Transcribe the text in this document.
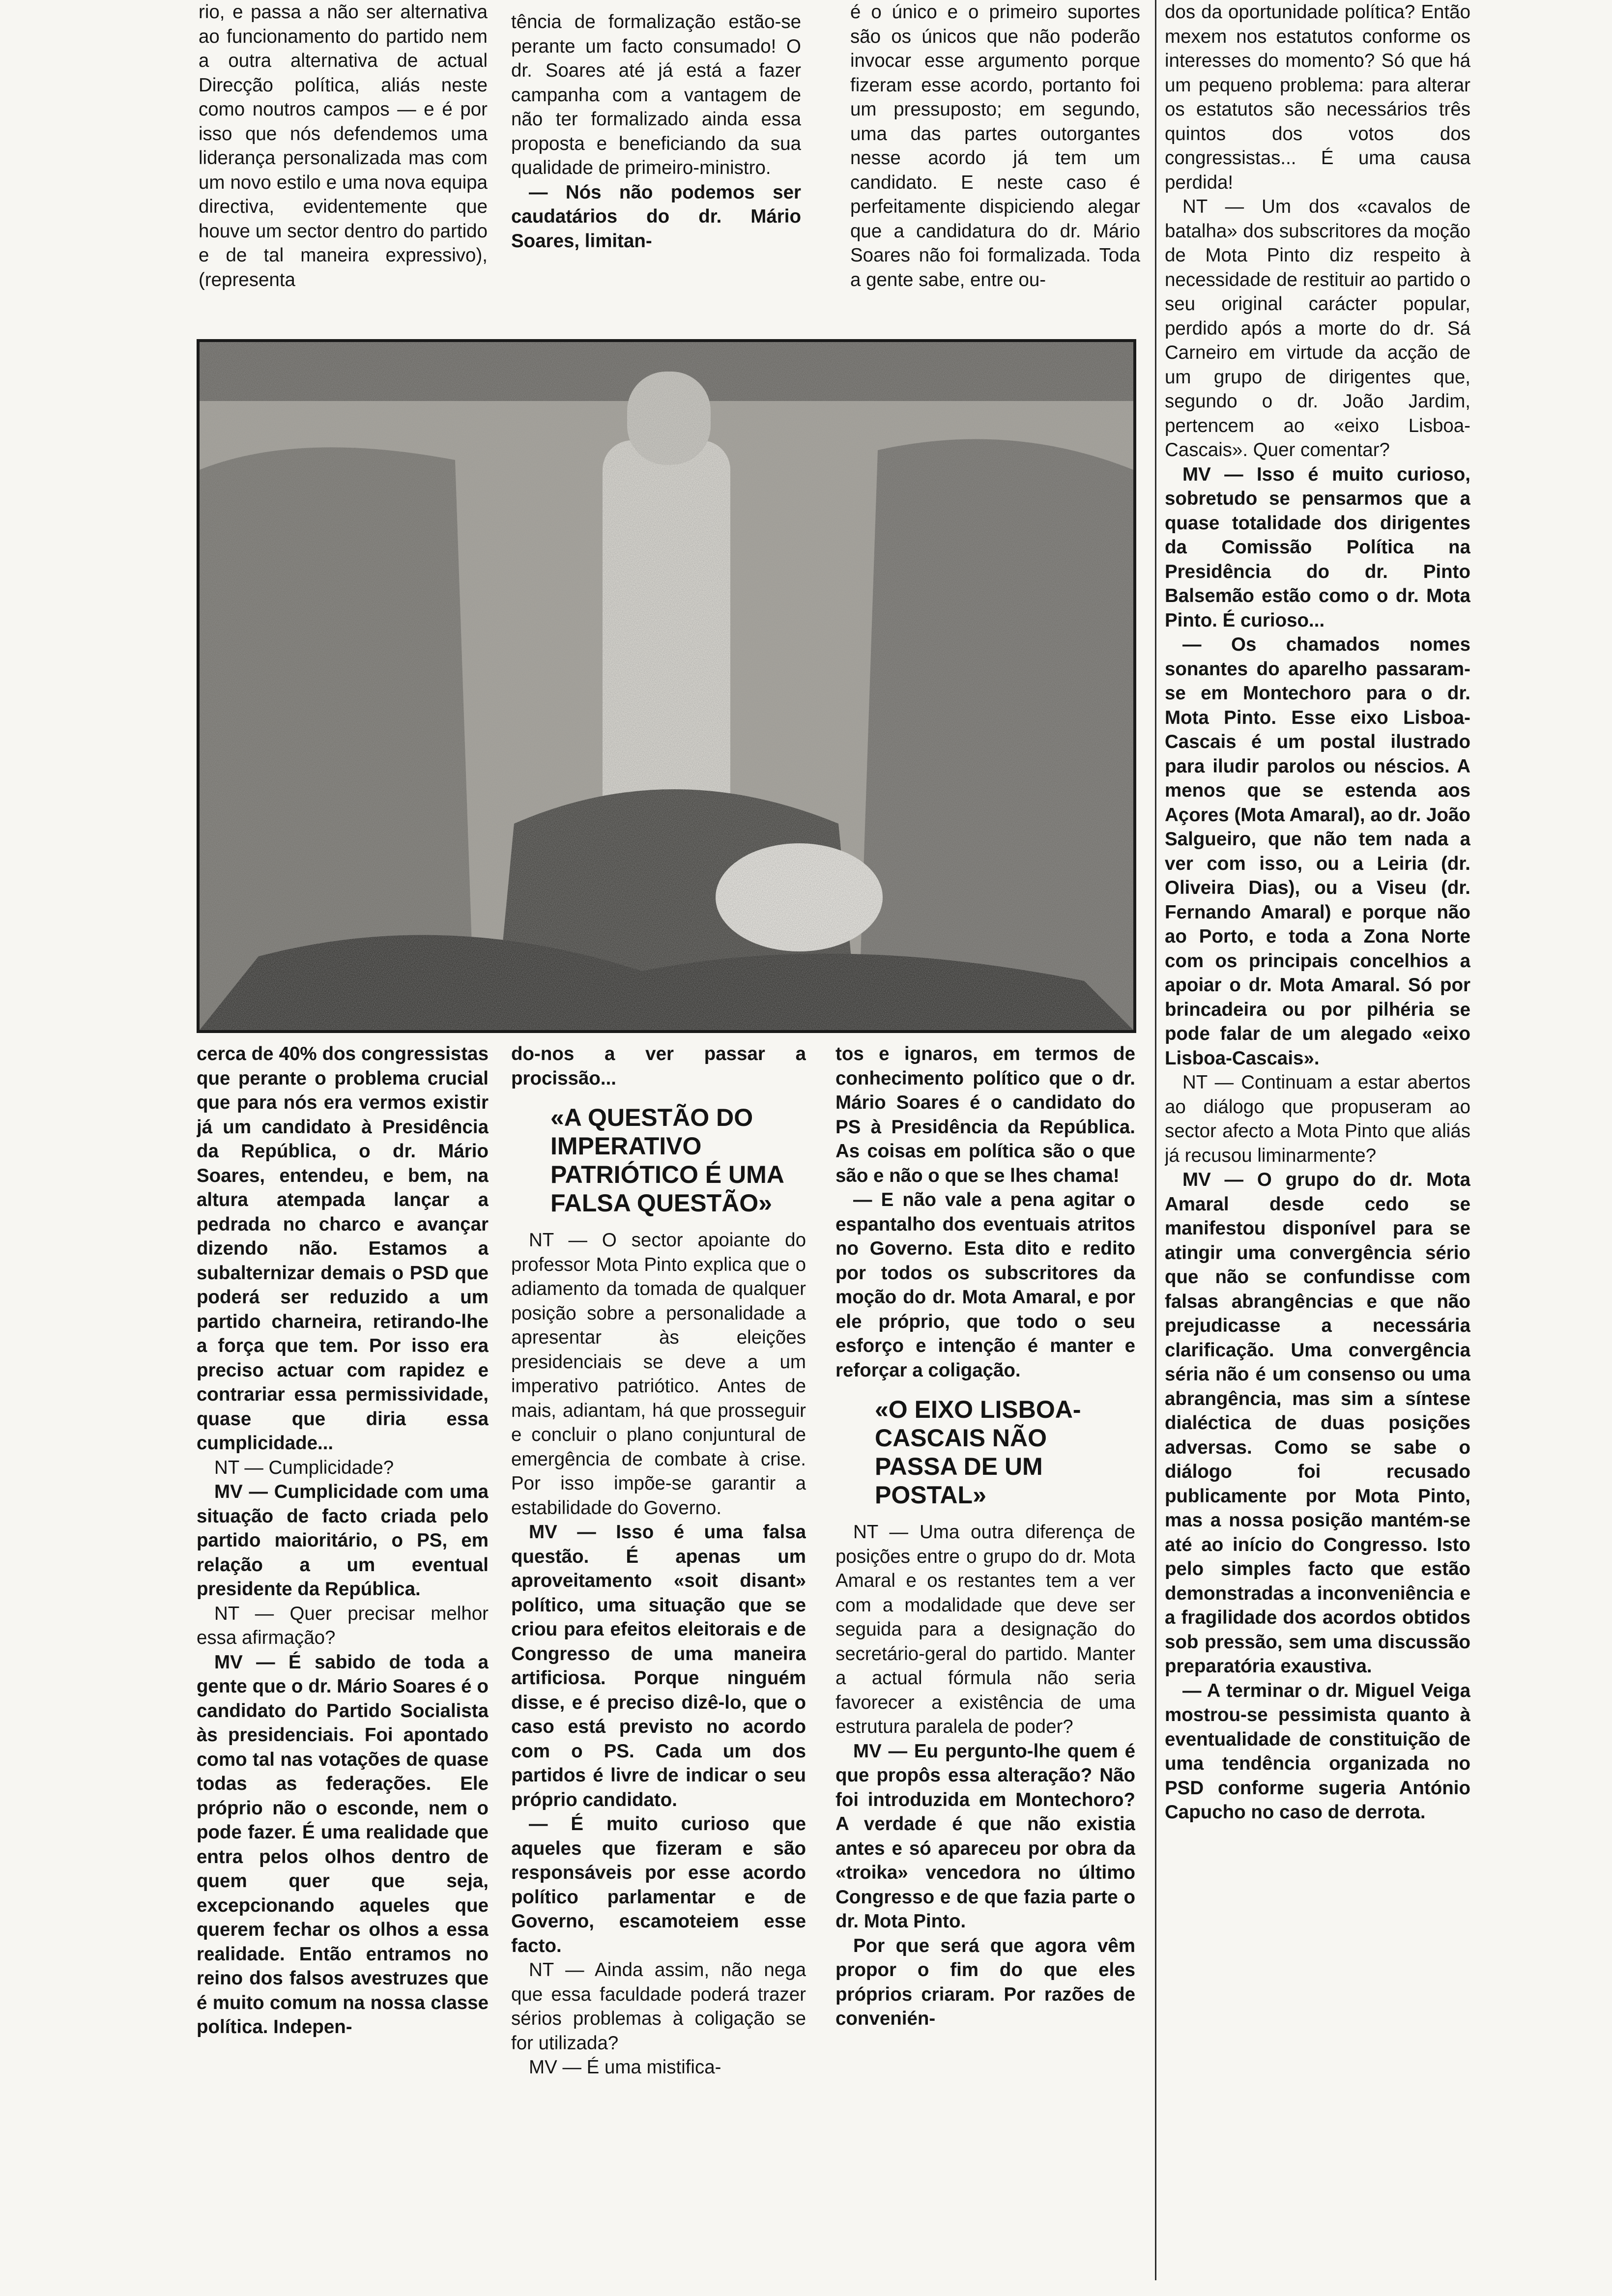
rio, e passa a não ser alternativa ao funcionamento do partido nem a outra alternativa de actual Direcção política, aliás neste como noutros campos — e é por isso que nós defendemos uma liderança personalizada mas com um novo estilo e uma nova equipa directiva, evidentemente que houve um sector dentro do partido e de tal maneira expressivo), (representa

tência de formalização estão-se perante um facto consumado! O dr. Soares até já está a fazer campanha com a vantagem de não ter formalizado ainda essa proposta e beneficiando da sua qualidade de primeiro-ministro.

— Nós não podemos ser caudatários do dr. Mário Soares, limitan-

é o único e o primeiro suportes são os únicos que não poderão invocar esse argumento porque fizeram esse acordo, portanto foi um pressuposto; em segundo, uma das partes outorgantes nesse acordo já tem um candidato. E neste caso é perfeitamente dispiciendo alegar que a candidatura do dr. Mário Soares não foi formalizada. Toda a gente sabe, entre ou-

dos da oportunidade política? Então mexem nos estatutos conforme os interesses do momento? Só que há um pequeno problema: para alterar os estatutos são necessários três quintos dos votos dos congressistas... É uma causa perdida!

NT — Um dos «cavalos de batalha» dos subscritores da moção de Mota Pinto diz respeito à necessidade de restituir ao partido o seu original carácter popular, perdido após a morte do dr. Sá Carneiro em virtude da acção de um grupo de dirigentes que, segundo o dr. João Jardim, pertencem ao «eixo Lisboa-Cascais». Quer comentar?

MV — Isso é muito curioso, sobretudo se pensarmos que a quase totalidade dos dirigentes da Comissão Política na Presidência do dr. Pinto Balsemão estão como o dr. Mota Pinto. É curioso...

— Os chamados nomes sonantes do aparelho passaram-se em Montechoro para o dr. Mota Pinto. Esse eixo Lisboa-Cascais é um postal ilustrado para iludir parolos ou néscios. A menos que se estenda aos Açores (Mota Amaral), ao dr. João Salgueiro, que não tem nada a ver com isso, ou a Leiria (dr. Oliveira Dias), ou a Viseu (dr. Fernando Amaral) e porque não ao Porto, e toda a Zona Norte com os principais concelhios a apoiar o dr. Mota Amaral. Só por brincadeira ou por pilhéria se pode falar de um alegado «eixo Lisboa-Cascais».

NT — Continuam a estar abertos ao diálogo que propuseram ao sector afecto a Mota Pinto que aliás já recusou liminarmente?

MV — O grupo do dr. Mota Amaral desde cedo se manifestou disponível para se atingir uma convergência sério que não se confundisse com falsas abrangências e que não prejudicasse a necessária clarificação. Uma convergência séria não é um consenso ou uma abrangência, mas sim a síntese dialéctica de duas posições adversas. Como se sabe o diálogo foi recusado publicamente por Mota Pinto, mas a nossa posição mantém-se até ao início do Congresso. Isto pelo simples facto que estão demonstradas a inconveniência e a fragilidade dos acordos obtidos sob pressão, sem uma discussão preparatória exaustiva.

— A terminar o dr. Miguel Veiga mostrou-se pessimista quanto à eventualidade de constituição de uma tendência organizada no PSD conforme sugeria António Capucho no caso de derrota.

cerca de 40% dos congressistas que perante o problema crucial que para nós era vermos existir já um candidato à Presidência da República, o dr. Mário Soares, entendeu, e bem, na altura atempada lançar a pedrada no charco e avançar dizendo não. Estamos a subalternizar demais o PSD que poderá ser reduzido a um partido charneira, retirando-lhe a força que tem. Por isso era preciso actuar com rapidez e contrariar essa permissividade, quase que diria essa cumplicidade...

NT — Cumplicidade?

MV — Cumplicidade com uma situação de facto criada pelo partido maioritário, o PS, em relação a um eventual presidente da República.

NT — Quer precisar melhor essa afirmação?

MV — É sabido de toda a gente que o dr. Mário Soares é o candidato do Partido Socialista às presidenciais. Foi apontado como tal nas votações de quase todas as federações. Ele próprio não o esconde, nem o pode fazer. É uma realidade que entra pelos olhos dentro de quem quer que seja, excepcionando aqueles que querem fechar os olhos a essa realidade. Então entramos no reino dos falsos avestruzes que é muito comum na nossa classe política. Indepen-

do-nos a ver passar a procissão...

«A QUESTÃO DO IMPERATIVO PATRIÓTICO É UMA FALSA QUESTÃO»

NT — O sector apoiante do professor Mota Pinto explica que o adiamento da tomada de qualquer posição sobre a personalidade a apresentar às eleições presidenciais se deve a um imperativo patriótico. Antes de mais, adiantam, há que prosseguir e concluir o plano conjuntural de emergência de combate à crise. Por isso impõe-se garantir a estabilidade do Governo.

MV — Isso é uma falsa questão. É apenas um aproveitamento «soit disant» político, uma situação que se criou para efeitos eleitorais e de Congresso de uma maneira artificiosa. Porque ninguém disse, e é preciso dizê-lo, que o caso está previsto no acordo com o PS. Cada um dos partidos é livre de indicar o seu próprio candidato.

— É muito curioso que aqueles que fizeram e são responsáveis por esse acordo político parlamentar e de Governo, escamoteiem esse facto.

NT — Ainda assim, não nega que essa faculdade poderá trazer sérios problemas à coligação se for utilizada?

MV — É uma mistifica-

tos e ignaros, em termos de conhecimento político que o dr. Mário Soares é o candidato do PS à Presidência da República. As coisas em política são o que são e não o que se lhes chama!

— E não vale a pena agitar o espantalho dos eventuais atritos no Governo. Esta dito e redito por todos os subscritores da moção do dr. Mota Amaral, e por ele próprio, que todo o seu esforço e intenção é manter e reforçar a coligação.

«O EIXO LISBOA-CASCAIS NÃO PASSA DE UM POSTAL»

NT — Uma outra diferença de posições entre o grupo do dr. Mota Amaral e os restantes tem a ver com a modalidade que deve ser seguida para a designação do secretário-geral do partido. Manter a actual fórmula não seria favorecer a existência de uma estrutura paralela de poder?

MV — Eu pergunto-lhe quem é que propôs essa alteração? Não foi introduzida em Montechoro? A verdade é que não existia antes e só apareceu por obra da «troika» vencedora no último Congresso e de que fazia parte o dr. Mota Pinto.

Por que será que agora vêm propor o fim do que eles próprios criaram. Por razões de convenién-
